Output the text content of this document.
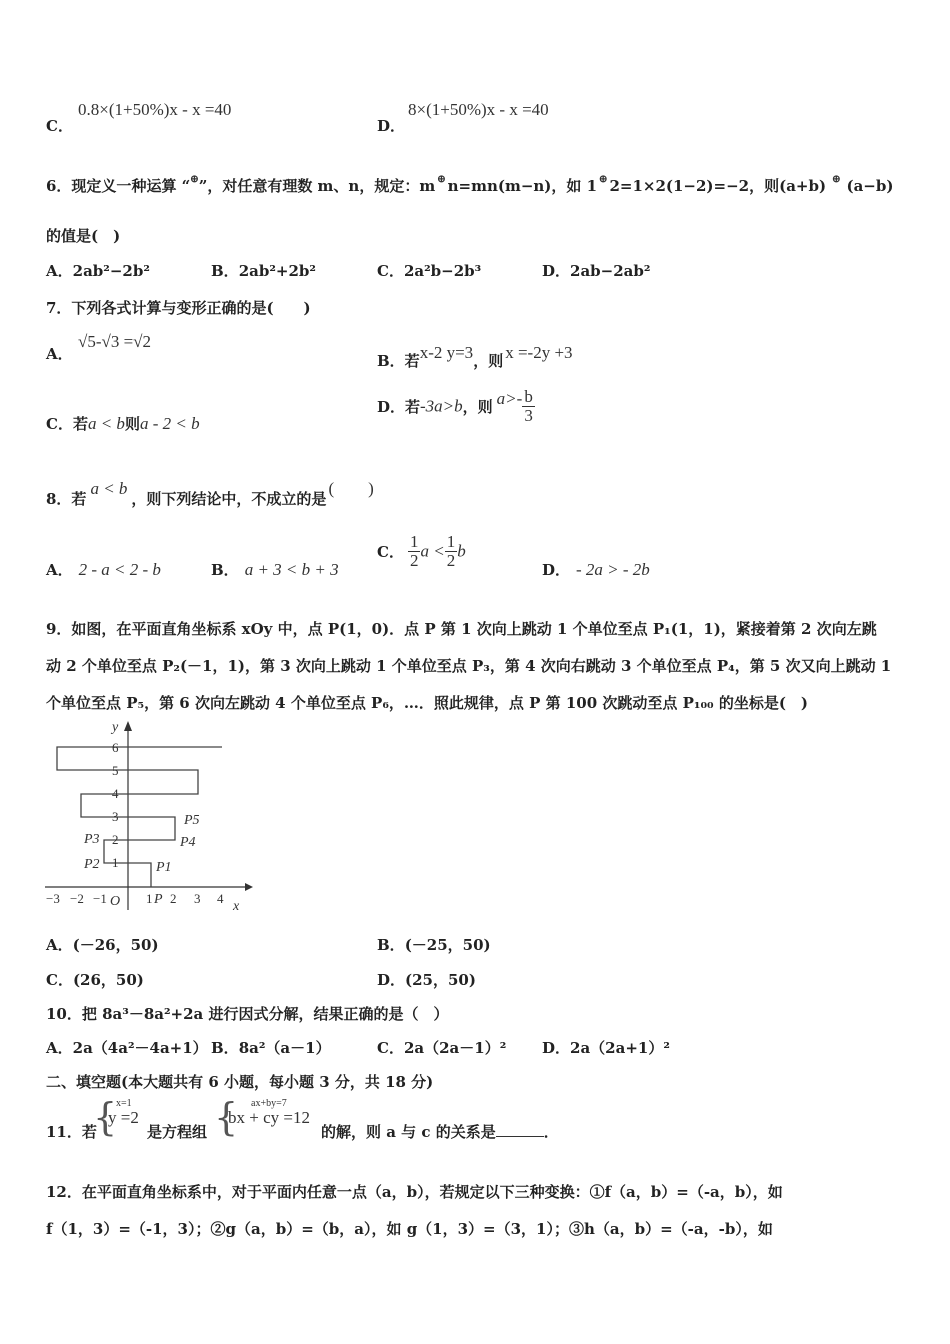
C．
0.8×(1+50%)x - x =40
D．
8×(1+50%)x - x =40
6．现定义一种运算 “⊕”，对任意有理数 m、n，规定：m ⊕ n=mn(m−n)，如 1 ⊕ 2=1×2(1−2)=−2，则(a+b) ⊕ (a−b)
的值是(　)
A．2ab²−2b²	B．2ab²+2b²	C．2a²b−2b³	D．2ab−2ab²
7．下列各式计算与变形正确的是(　　)
A．
√5-√3 =√2
B．若x-2 y=3，则 x =-2y +3
C．若a < b则a - 2 < b
D．若-3a>b，则 $a>- \frac{b}{3}$
8．若a < b，则下列结论中，不成立的是(　　)
A． 2 - a < 2 - b	B． a + 3 < b + 3
C． $\frac{1}{2}$ $a < \frac{1}{2}$ b
D． - 2a > - 2b
9．如图，在平面直角坐标系 xOy 中，点 P(1，0)．点 P 第 1 次向上跳动 1 个单位至点 P₁(1，1)，紧接着第 2 次向左跳
动 2 个单位至点 P₂(－1，1)，第 3 次向上跳动 1 个单位至点 P₃，第 4 次向右跳动 3 个单位至点 P₄，第 5 次又向上跳动 1
个单位至点 P₅，第 6 次向左跳动 4 个单位至点 P₆，…．照此规律，点 P 第 100 次跳动至点 P₁₀₀ 的坐标是(　)
x
y
O
−3 −2 −1	1 P 2 3 4
1
2
3
4
5
6
P1
P2
P3	P4
P5
A．(－26，50)	B．(－25，50)
C．(26，50)	D．(25，50)
10．把 8a³－8a²+2a 进行因式分解，结果正确的是（　）
A．2a（4a²－4a+1） B．8a²（a－1）	C．2a（2a－1）² D．2a（2a+1）²
二、填空题(本大题共有 6 小题，每小题 3 分，共 18 分)
11．若
{
x=1
y =2
是方程组 { ax+by=7
bx + cy =12
的解，则 a 与 c 的关系是	．
12．在平面直角坐标系中，对于平面内任意一点（a，b），若规定以下三种变换：①f（a，b）=（-a，b），如
f（1，3）=（-1，3）；②g（a，b）=（b，a），如 g（1，3）=（3，1）；③h（a，b）=（-a，-b），如
